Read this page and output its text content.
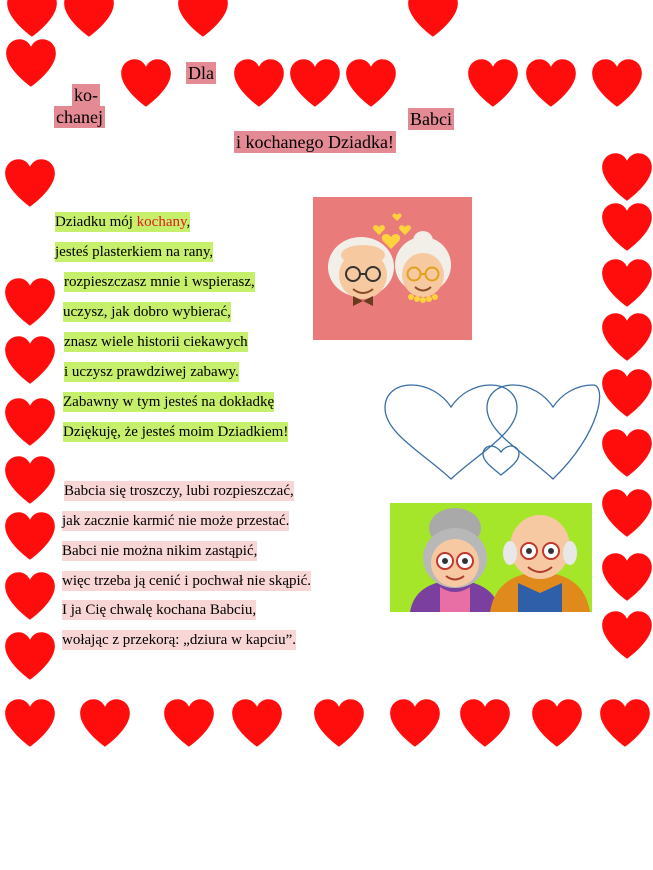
Dla
ko-
chanej	Babci
i kochanego Dziadka!
Dziadku mój kochany,
jesteś plasterkiem na rany,
rozpieszczasz mnie i wspierasz,
uczysz, jak dobro wybierać,
znasz wiele historii ciekawych
i uczysz prawdziwej zabawy.
Zabawny w tym jesteś na dokładkę
Dziękuję, że jesteś moim Dziadkiem!
Babcia się troszczy, lubi rozpieszczać,
jak zacznie karmić nie może przestać.
Babci nie można nikim zastąpić,
więc trzeba ją cenić i pochwał nie skąpić.
I ja Cię chwalę kochana Babciu,
wołając z przekorą: „dziura w kapciu”.
